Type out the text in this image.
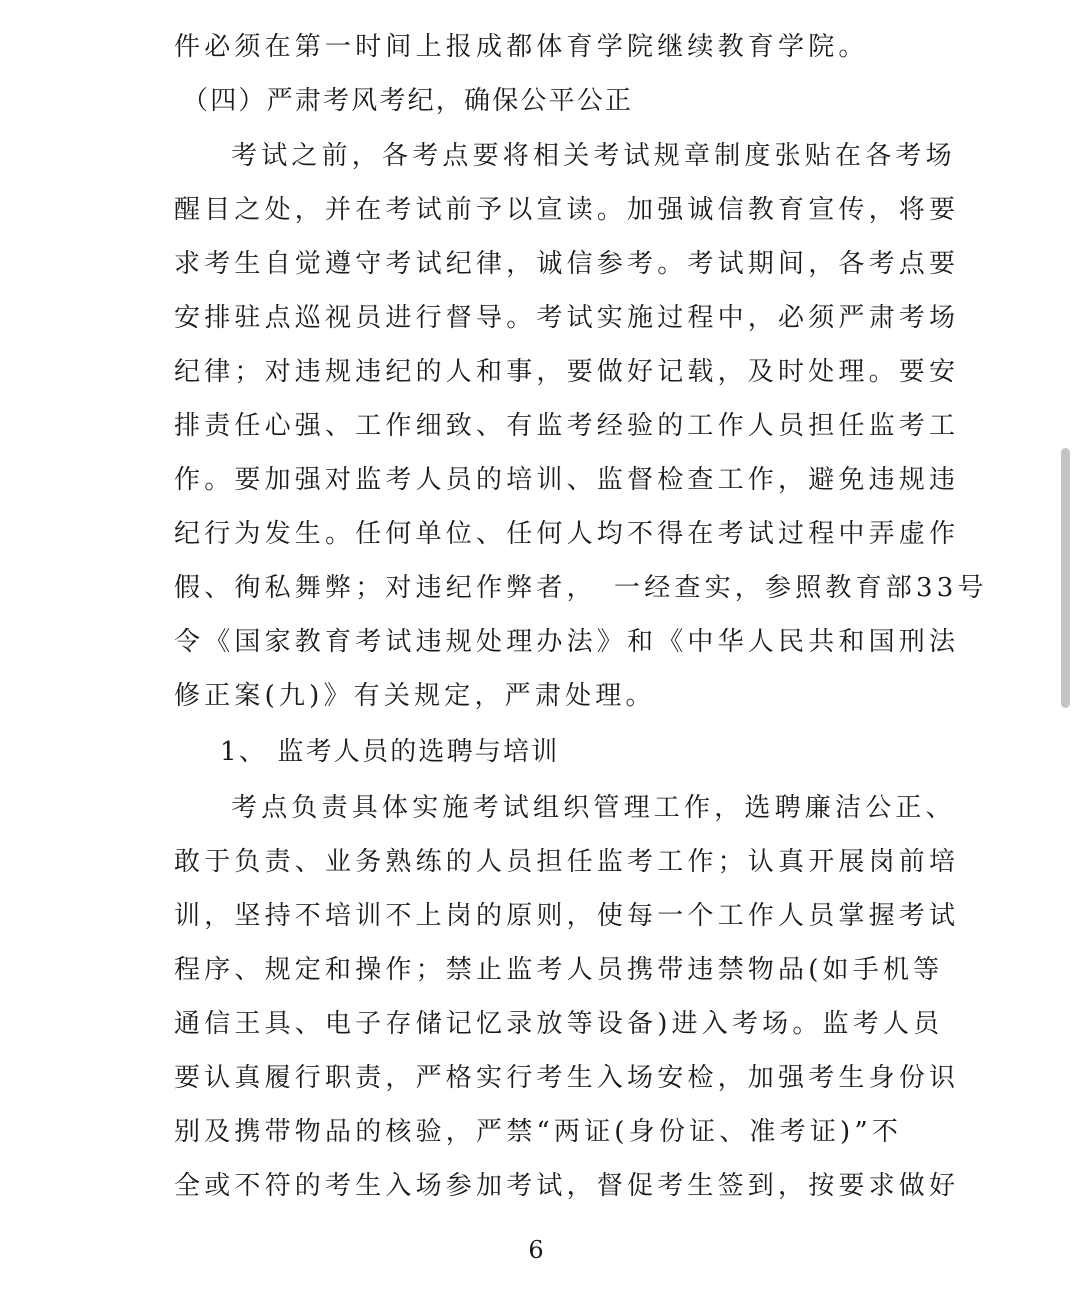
件必须在第一时间上报成都体育学院继续教育学院。
（四）严肃考风考纪，确保公平公正
考试之前，各考点要将相关考试规章制度张贴在各考场
醒目之处，并在考试前予以宣读。加强诚信教育宣传，将要
求考生自觉遵守考试纪律，诚信参考。考试期间，各考点要
安排驻点巡视员进行督导。考试实施过程中，必须严肃考场
纪律；对违规违纪的人和事，要做好记载，及时处理。要安
排责任心强、工作细致、有监考经验的工作人员担任监考工
作。要加强对监考人员的培训、监督检查工作，避免违规违
纪行为发生。任何单位、任何人均不得在考试过程中弄虚作
假、徇私舞弊；对违纪作弊者，　一经查实，参照教育部33号
令《国家教育考试违规处理办法》和《中华人民共和国刑法
修正案(九)》有关规定，严肃处理。
1、 监考人员的选聘与培训
考点负责具体实施考试组织管理工作，选聘廉洁公正、
敢于负责、业务熟练的人员担任监考工作；认真开展岗前培
训，坚持不培训不上岗的原则，使每一个工作人员掌握考试
程序、规定和操作；禁止监考人员携带违禁物品(如手机等
通信王具、电子存储记忆录放等设备)进入考场。监考人员
要认真履行职责，严格实行考生入场安检，加强考生身份识
别及携带物品的核验，严禁“两证(身份证、准考证)”不
全或不符的考生入场参加考试，督促考生签到，按要求做好
6
